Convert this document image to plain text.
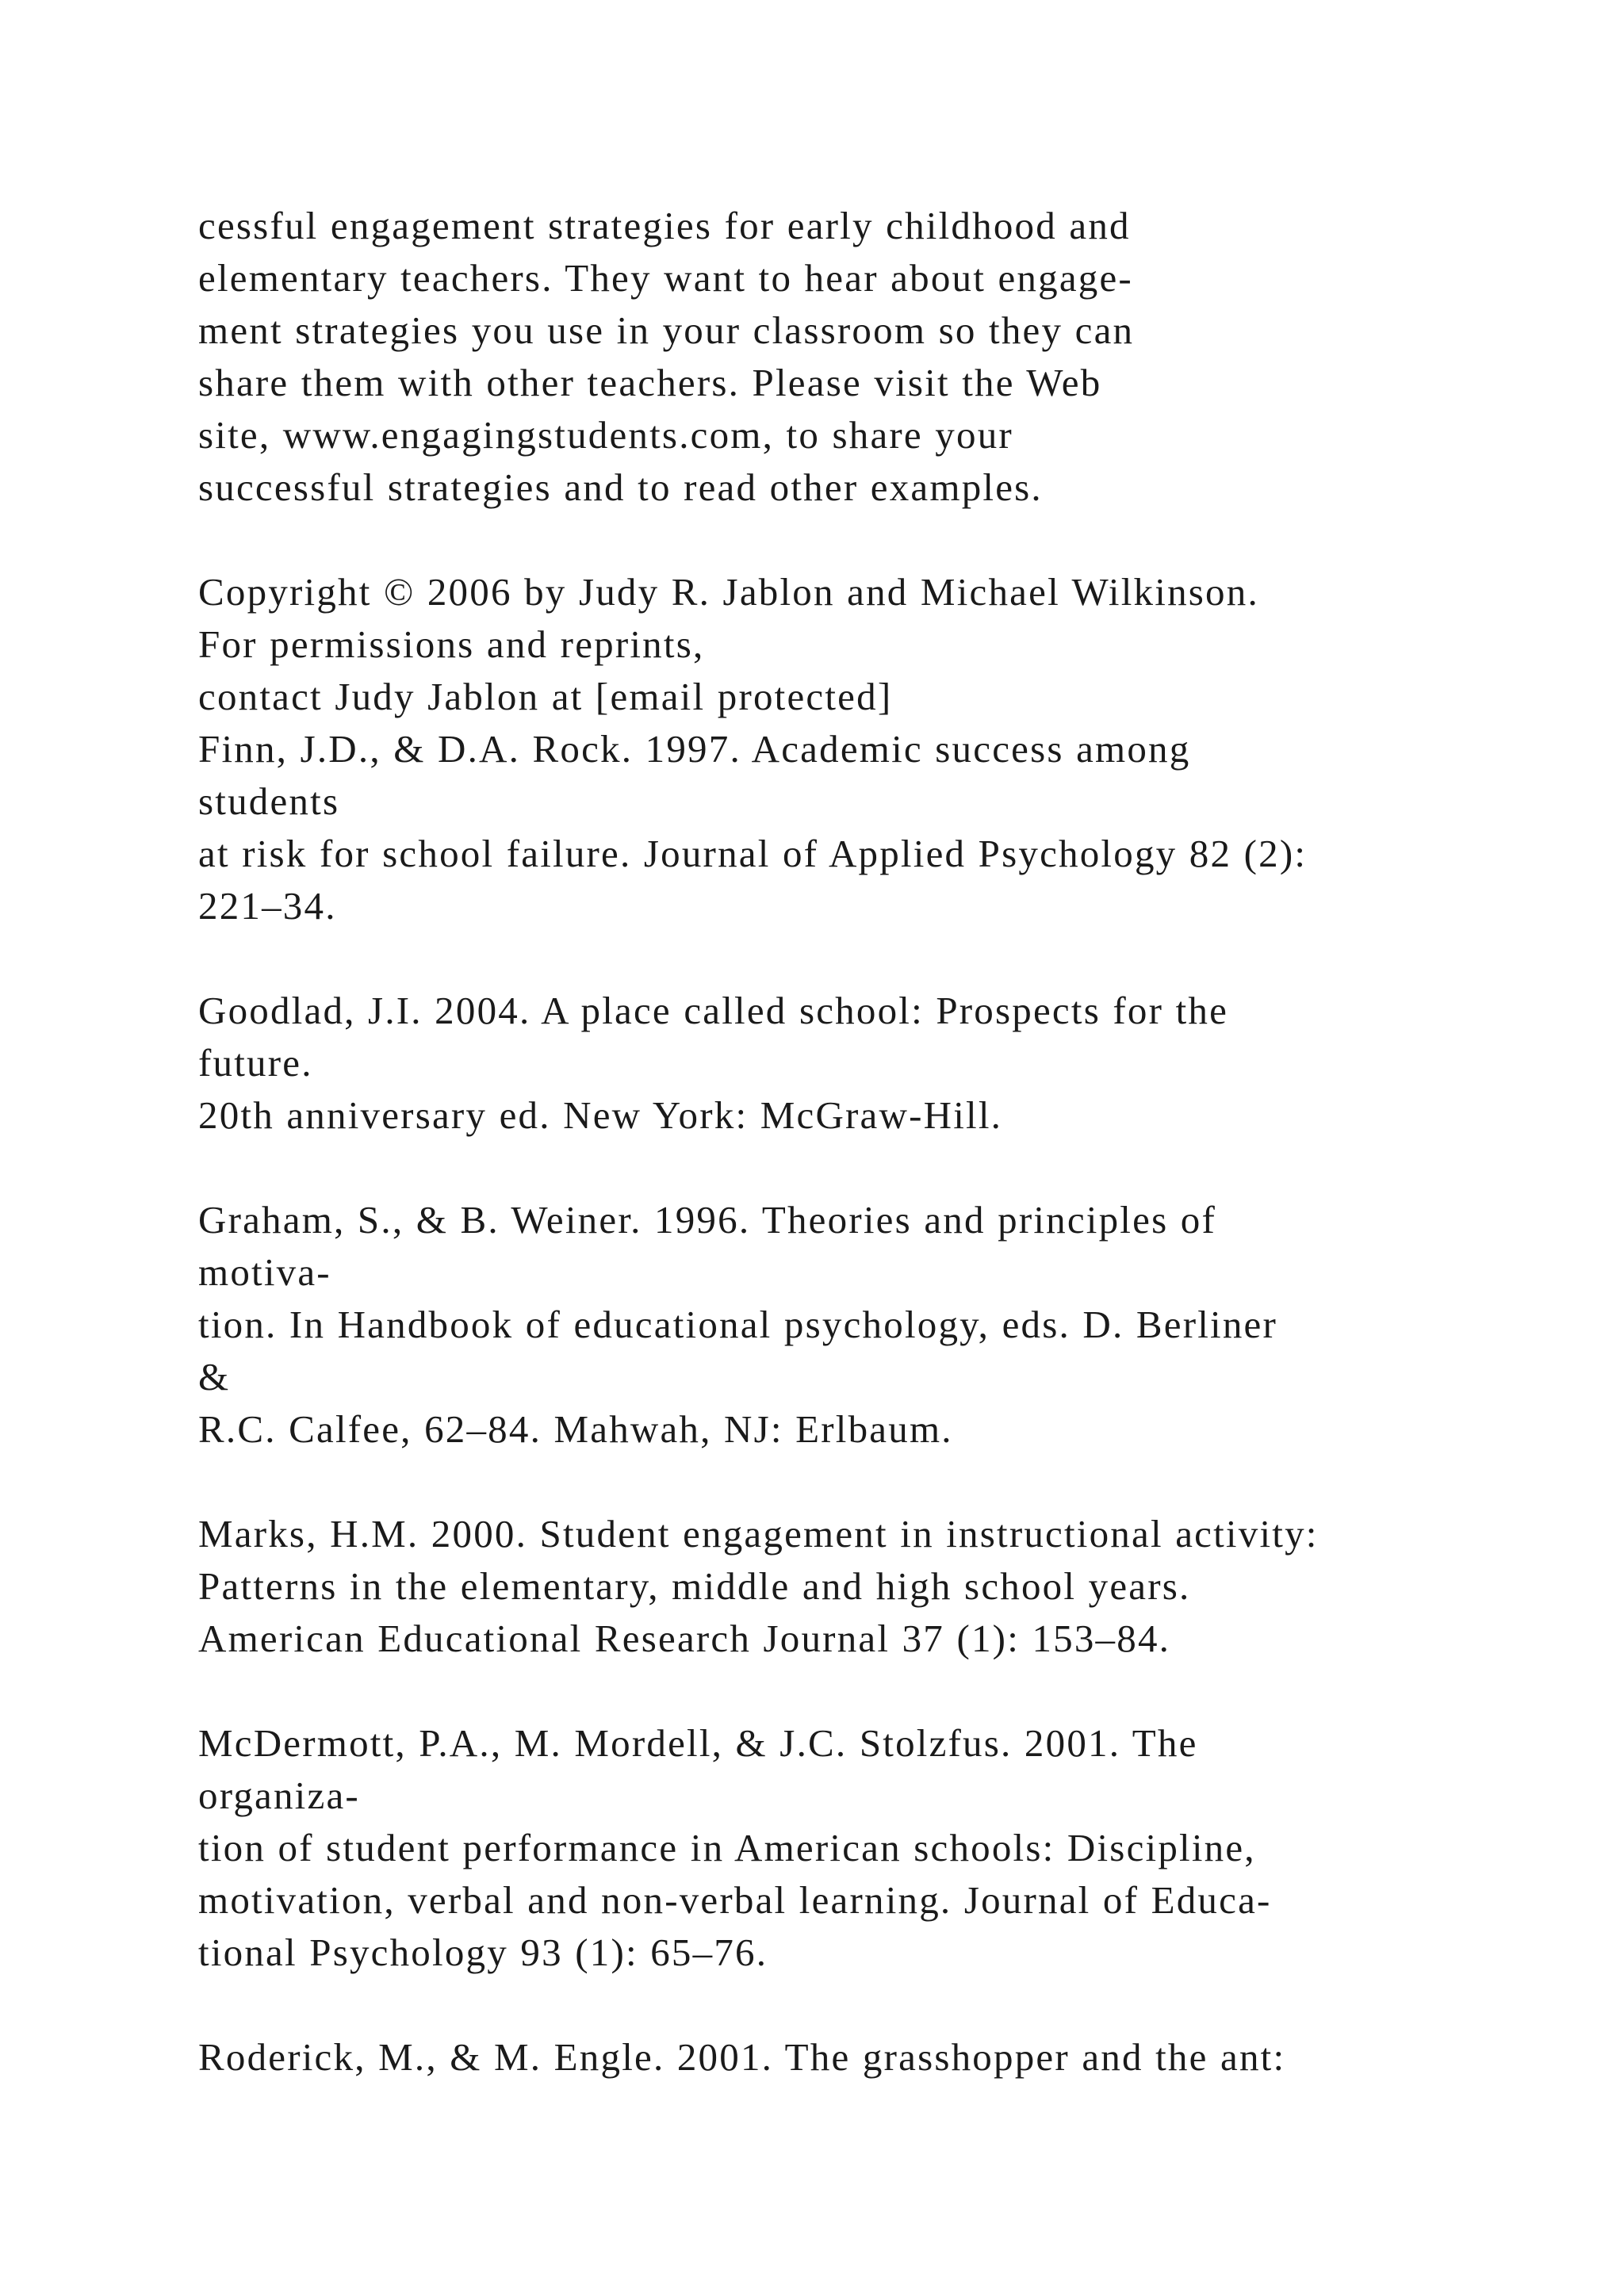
cessful engagement strategies for early childhood and
elementary teachers. They want to hear about engage-
ment strategies you use in your classroom so they can
share them with other teachers. Please visit the Web
site, www.engagingstudents.com, to share your
successful strategies and to read other examples.
Copyright © 2006 by Judy R. Jablon and Michael Wilkinson.
For permissions and reprints,
contact Judy Jablon at [email protected]
Finn, J.D., & D.A. Rock. 1997. Academic success among
students
at risk for school failure. Journal of Applied Psychology 82 (2):
221–34.
Goodlad, J.I. 2004. A place called school: Prospects for the
future.
20th anniversary ed. New York: McGraw-Hill.
Graham, S., & B. Weiner. 1996. Theories and principles of
motiva-
tion. In Handbook of educational psychology, eds. D. Berliner
&
R.C. Calfee, 62–84. Mahwah, NJ: Erlbaum.
Marks, H.M. 2000. Student engagement in instructional activity:
Patterns in the elementary, middle and high school years.
American Educational Research Journal 37 (1): 153–84.
McDermott, P.A., M. Mordell, & J.C. Stolzfus. 2001. The
organiza-
tion of student performance in American schools: Discipline,
motivation, verbal and non-verbal learning. Journal of Educa-
tional Psychology 93 (1): 65–76.
Roderick, M., & M. Engle. 2001. The grasshopper and the ant:
